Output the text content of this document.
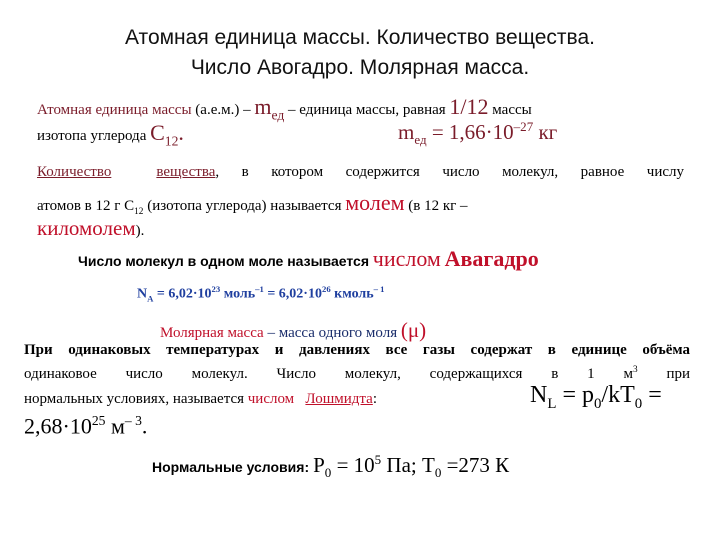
Атомная единица массы. Количество вещества.
Число Авогадро. Молярная масса.
Атомная единица массы $(а.е.м.) - m_{ед}$ – единица массы, равная 1/12 массы
изотопа углерода $C_{12}$.	$m_{ед} = 1,66\cdot 10^{-27}$ кг
Количество	вещества, в котором содержится число молекул, равное числу
атомов в 12 г $С_{12}$ (изотопа углерода) называется молем (в 12 кг –
киломолем).
Число молекул в одном моле называется числом Авагадро
$N_A = 6,02\cdot 10^{23}$ моль$^{-1}$ = $6,02\cdot 10^{26}$ кмоль$^{- 1}$
Молярная масса – масса одного моля (μ)
При одинаковых температурах и давлениях все газы содержат в единице объёма
одинаковое число молекул. Число молекул, содержащихся в 1 $м^3$ при
нормальных условиях, называется числом Лошмидта:	$N_L = p_0/kT_0$ =
$2,68\cdot 10^{25}$ $м^{- 3}$.
Нормальные условия: $P_0 = 10^5$ Па; $Т_0 =273$ К
